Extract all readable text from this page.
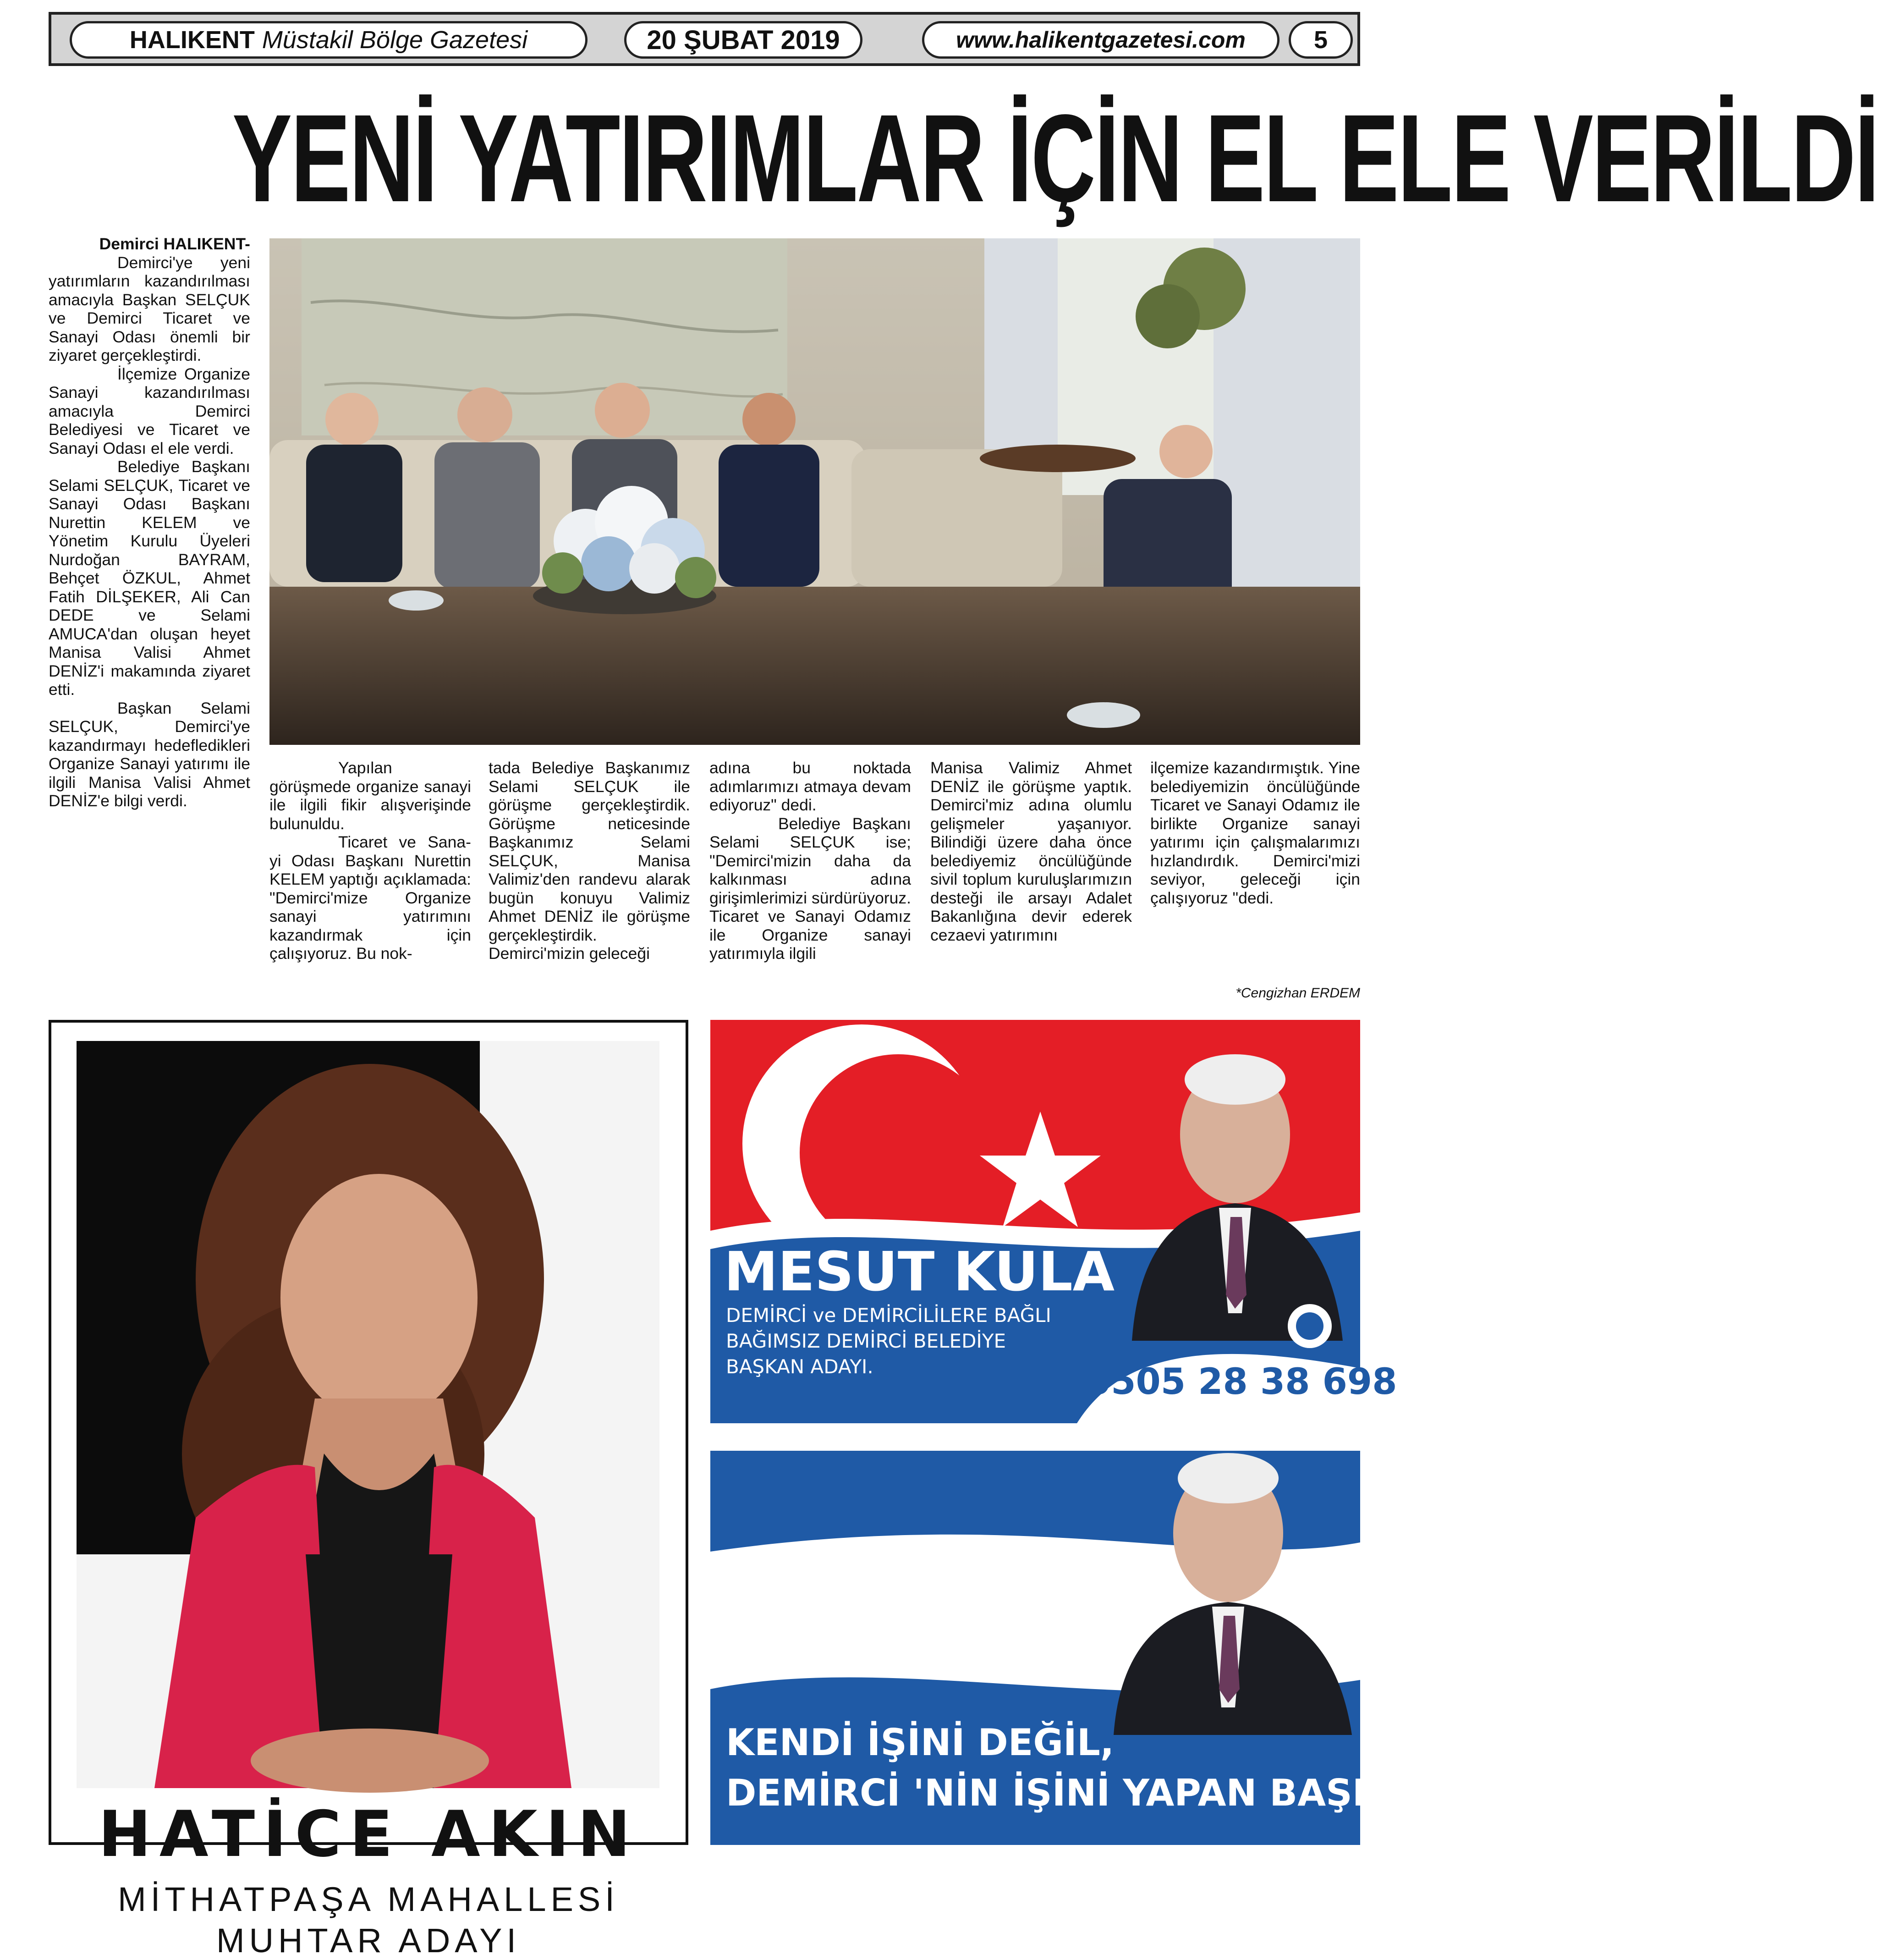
HALIKENT Müstakil Bölge Gazetesi	20 ŞUBAT 2019	www.halikentgazetesi.com	5
YENİ YATIRIMLAR İÇİN EL ELE VERİLDİ

Demirci HALIKENT-

Demirci'ye yeni yatırımların kazandırılması amacıyla Başkan SELÇUK ve Demirci Ticaret ve Sanayi Odası önemli bir ziyaret gerçekleştirdi.

İlçemize Organize Sanayi kazandırılması amacıyla Demirci Belediyesi ve Ticaret ve Sanayi Odası el ele verdi.

Belediye Başkanı Selami SELÇUK, Ticaret ve Sanayi Odası Başkanı Nurettin KELEM ve Yönetim Kurulu Üyeleri Nurdoğan BAYRAM, Behçet ÖZKUL, Ahmet Fatih DİLŞEKER, Ali Can DEDE ve Selami AMUCA'dan oluşan heyet Manisa Valisi Ahmet DENİZ'i makamında ziyaret etti.

Başkan Selami SELÇUK, Demirci'ye kazandırmayı hedefledikleri Organize Sanayi yatırımı ile ilgili Manisa Valisi Ahmet DENİZ'e bilgi verdi.

Yapılan görüşmede organize sanayi ile ilgili fikir alışverişinde bulunuldu.

Ticaret ve Sana- yi Odası Başkanı Nurettin KELEM yaptığı açıklamada: "Demirci'mize Organize sanayi yatırımını kazandırmak için çalışıyoruz. Bu nok-

tada Belediye Başkanımız Selami SELÇUK ile görüşme gerçekleştirdik. Görüşme neticesinde Başkanımız Selami SELÇUK, Manisa Valimiz'den randevu alarak bugün konuyu Valimiz Ahmet DENİZ ile görüşme gerçekleştirdik. Demirci'mizin geleceği

adına bu noktada adımlarımızı atmaya devam ediyoruz" dedi.

Belediye Başkanı Selami SELÇUK ise; "Demirci'mizin daha da kalkınması adına girişimlerimizi sürdürüyoruz. Ticaret ve Sanayi Odamız ile Organize sanayi yatırımıyla ilgili

Manisa Valimiz Ahmet DENİZ ile görüşme yaptık. Demirci'miz adına olumlu gelişmeler yaşanıyor. Bilindiği üzere daha önce belediyemiz öncülüğünde sivil toplum kuruluşlarımızın desteği ile arsayı Adalet Bakanlığına devir ederek cezaevi yatırımını

ilçemize kazandırmıştık. Yine belediyemizin öncülüğünde Ticaret ve Sanayi Odamız ile birlikte Organize sanayi yatırımı için çalışmalarımızı hızlandırdık. Demirci'mizi seviyor, geleceği için çalışıyoruz "dedi.

*Cengizhan ERDEM
HATİCE AKIN
MİTHATPAŞA MAHALLESİ
MUHTAR ADAYI
MESUT KULA
DEMİRCİ ve DEMİRCİLİLERE BAĞLI
BAĞIMSIZ DEMİRCİ BELEDİYE
BAŞKAN ADAYI.	0505 28 38 698
KENDİ İŞİNİ DEĞİL,
DEMİRCİ 'NİN İŞİNİ YAPAN BAŞKAN !
